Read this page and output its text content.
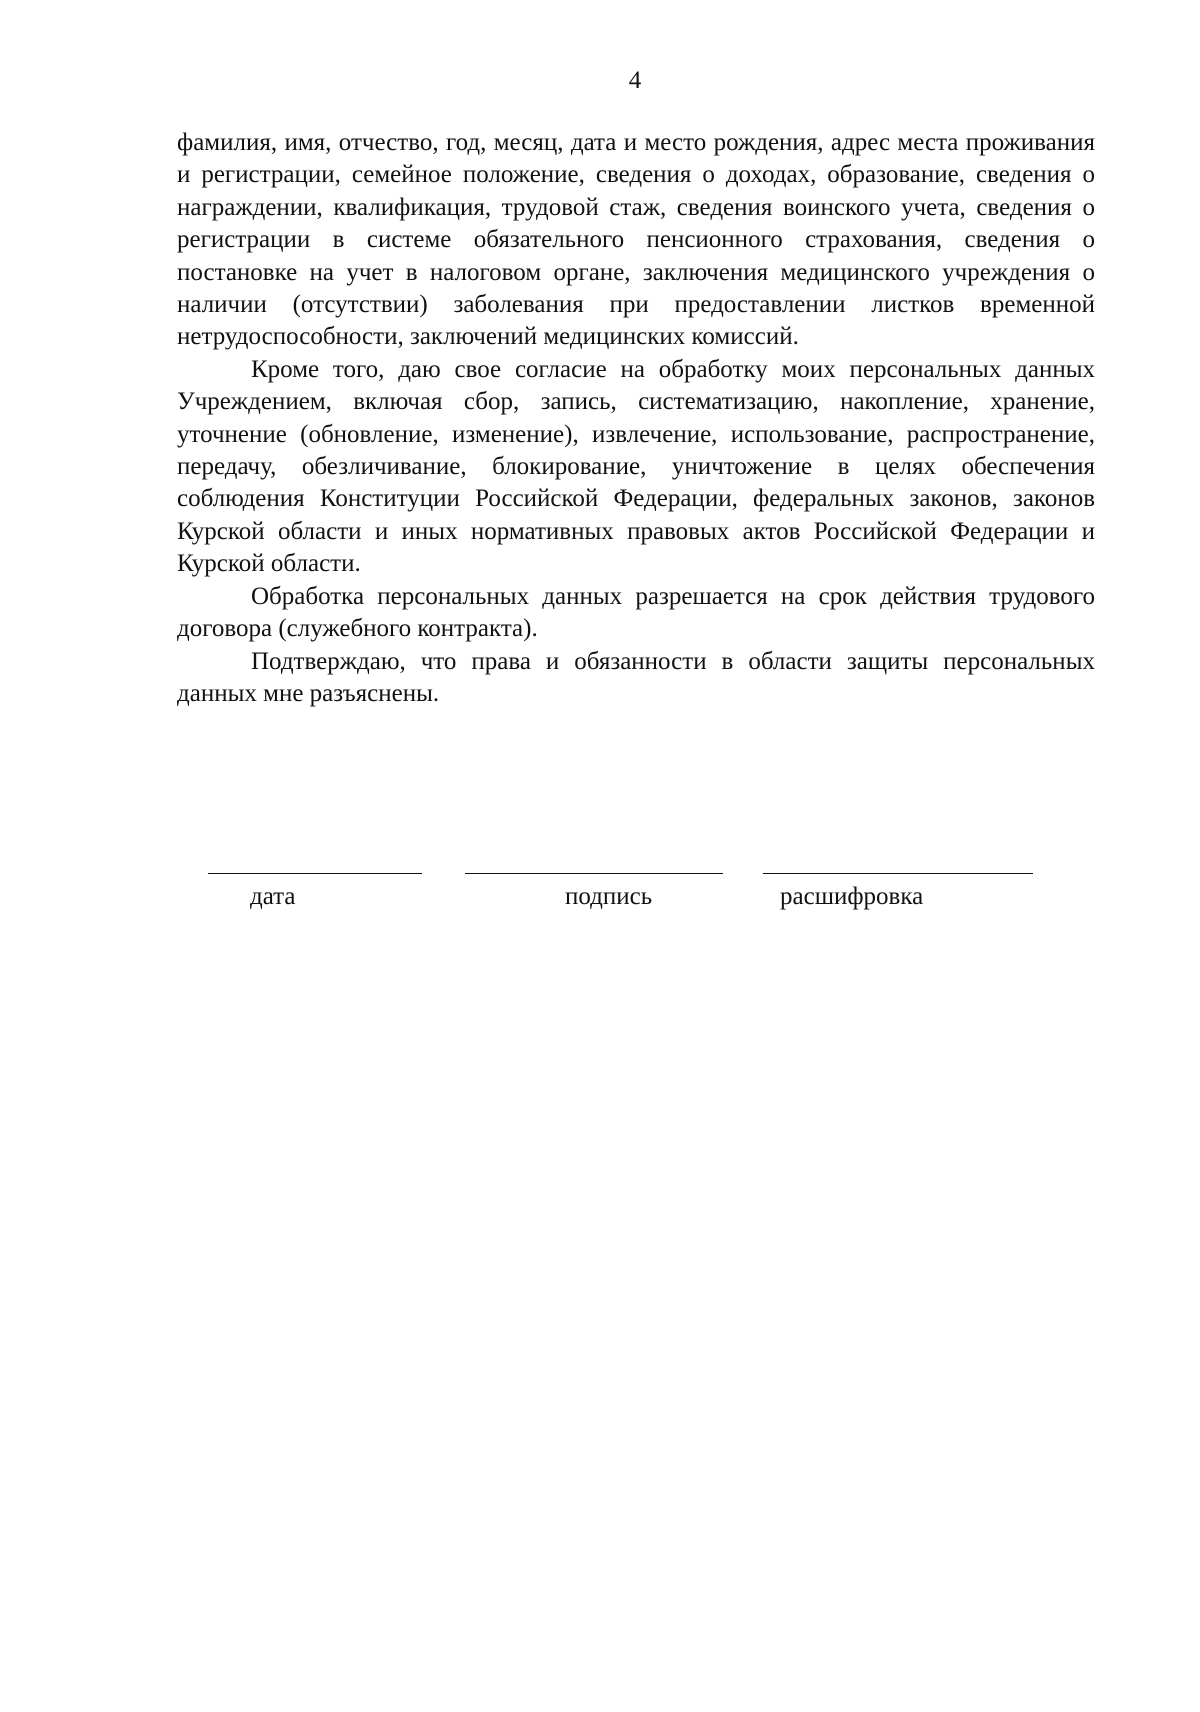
4

фамилия, имя, отчество, год, месяц, дата и место рождения, адрес места проживания и регистрации, семейное положение, сведения о доходах, образование, сведения о награждении, квалификация, трудовой стаж, сведения воинского учета, сведения о регистрации в системе обязательного пенсионного страхования, сведения о постановке на учет в налоговом органе, заключения медицинского учреждения о наличии (отсутствии) заболевания при предоставлении листков временной нетрудоспособности, заключений медицинских комиссий.

Кроме того, даю свое согласие на обработку моих персональных данных Учреждением, включая сбор, запись, систематизацию, накопление, хранение, уточнение (обновление, изменение), извлечение, использование, распространение, передачу, обезличивание, блокирование, уничтожение в целях обеспечения соблюдения Конституции Российской Федерации, федеральных законов, законов Курской области и иных нормативных правовых актов Российской Федерации и Курской области.

Обработка персональных данных разрешается на срок действия трудового договора (служебного контракта).

Подтверждаю, что права и обязанности в области защиты персональных данных мне разъяснены.

дата	подпись	расшифровка
